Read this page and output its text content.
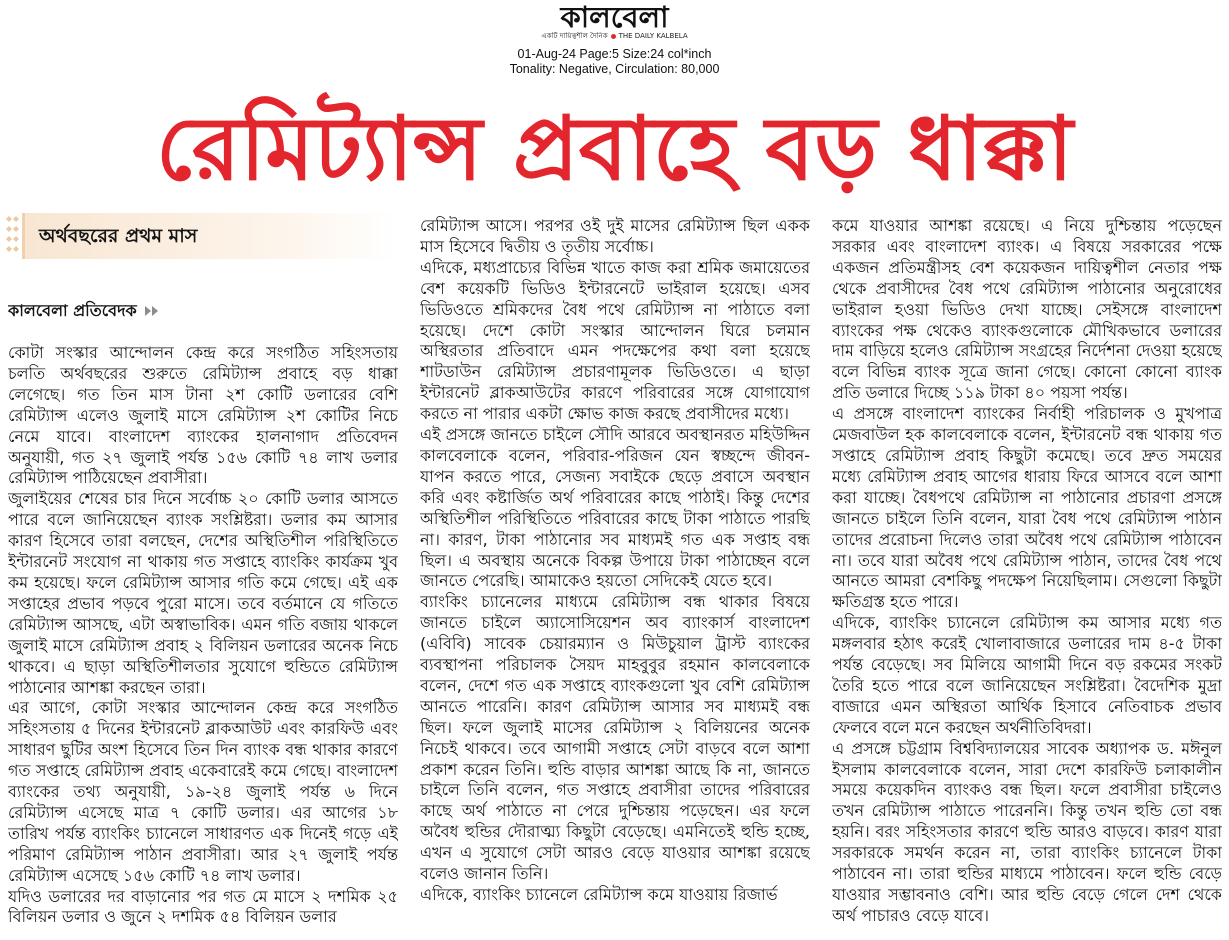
কালবেলা
একটি দায়িত্বশীল দৈনিক THE DAILY KALBELA
01-Aug-24 Page:5 Size:24 col*inch
Tonality: Negative, Circulation: 80,000
রেমিট্যান্স প্রবাহে বড় ধাক্কা
অর্থবছরের প্রথম মাস
কালবেলা প্রতিবেদক

কোটা সংস্কার আন্দোলন কেন্দ্র করে সংগঠিত সহিংসতায় চলতি অর্থবছরের শুরুতে রেমিট্যান্স প্রবাহে বড় ধাক্কা লেগেছে। গত তিন মাস টানা ২শ কোটি ডলারের বেশি রেমিট্যান্স এলেও জুলাই মাসে রেমিট্যান্স ২শ কোটির নিচে নেমে যাবে। বাংলাদেশ ব্যাংকের হালনাগাদ প্রতিবেদন অনুযায়ী, গত ২৭ জুলাই পর্যন্ত ১৫৬ কোটি ৭৪ লাখ ডলার রেমিট্যান্স পাঠিয়েছেন প্রবাসীরা।

জুলাইয়ের শেষের চার দিনে সর্বোচ্চ ২০ কোটি ডলার আসতে পারে বলে জানিয়েছেন ব্যাংক সংশ্লিষ্টরা। ডলার কম আসার কারণ হিসেবে তারা বলছেন, দেশের অস্থিতিশীল পরিস্থিতিতে ইন্টারনেট সংযোগ না থাকায় গত সপ্তাহে ব্যাংকিং কার্যক্রম খুব কম হয়েছে। ফলে রেমিট্যান্স আসার গতি কমে গেছে। এই এক সপ্তাহের প্রভাব পড়বে পুরো মাসে। তবে বর্তমানে যে গতিতে রেমিট্যান্স আসছে, এটা অস্বাভাবিক। এমন গতি বজায় থাকলে জুলাই মাসে রেমিট্যান্স প্রবাহ ২ বিলিয়ন ডলারের অনেক নিচে থাকবে। এ ছাড়া অস্থিতিশীলতার সুযোগে হুন্ডিতে রেমিট্যান্স পাঠানোর আশঙ্কা করছেন তারা।

এর আগে, কোটা সংস্কার আন্দোলন কেন্দ্র করে সংগঠিত সহিংসতায় ৫ দিনের ইন্টারনেট ব্লাকআউট এবং কারফিউ এবং সাধারণ ছুটির অংশ হিসেবে তিন দিন ব্যাংক বন্ধ থাকার কারণে গত সপ্তাহে রেমিট্যান্স প্রবাহ একেবারেই কমে গেছে। বাংলাদেশ ব্যাংকের তথ্য অনুযায়ী, ১৯-২৪ জুলাই পর্যন্ত ৬ দিনে রেমিট্যান্স এসেছে মাত্র ৭ কোটি ডলার। এর আগের ১৮ তারিখ পর্যন্ত ব্যাংকিং চ্যানেলে সাধারণত এক দিনেই গড়ে এই পরিমাণ রেমিট্যান্স পাঠান প্রবাসীরা। আর ২৭ জুলাই পর্যন্ত রেমিট্যান্স এসেছে ১৫৬ কোটি ৭৪ লাখ ডলার।

যদিও ডলারের দর বাড়ানোর পর গত মে মাসে ২ দশমিক ২৫ বিলিয়ন ডলার ও জুনে ২ দশমিক ৫৪ বিলিয়ন ডলার

রেমিট্যান্স আসে। পরপর ওই দুই মাসের রেমিট্যান্স ছিল একক মাস হিসেবে দ্বিতীয় ও তৃতীয় সর্বোচ্চ।

এদিকে, মধ্যপ্রাচ্যের বিভিন্ন খাতে কাজ করা শ্রমিক জমায়েতের বেশ কয়েকটি ভিডিও ইন্টারনেটে ভাইরাল হয়েছে। এসব ভিডিওতে শ্রমিকদের বৈধ পথে রেমিট্যান্স না পাঠাতে বলা হয়েছে। দেশে কোটা সংস্কার আন্দোলন ঘিরে চলমান অস্থিরতার প্রতিবাদে এমন পদক্ষেপের কথা বলা হয়েছে শাটডাউন রেমিট্যান্স প্রচারণামূলক ভিডিওতে। এ ছাড়া ইন্টারনেট ব্লাকআউটের কারণে পরিবারের সঙ্গে যোগাযোগ করতে না পারার একটা ক্ষোভ কাজ করছে প্রবাসীদের মধ্যে।

এই প্রসঙ্গে জানতে চাইলে সৌদি আরবে অবস্থানরত মহিউদ্দিন কালবেলাকে বলেন, পরিবার-পরিজন যেন স্বচ্ছন্দে জীবন-যাপন করতে পারে, সেজন্য সবাইকে ছেড়ে প্রবাসে অবস্থান করি এবং কষ্টার্জিত অর্থ পরিবারের কাছে পাঠাই। কিন্তু দেশের অস্থিতিশীল পরিস্থিতিতে পরিবারের কাছে টাকা পাঠাতে পারছি না। কারণ, টাকা পাঠানোর সব মাধ্যমই গত এক সপ্তাহ বন্ধ ছিল। এ অবস্থায় অনেকে বিকল্প উপায়ে টাকা পাঠাচ্ছেন বলে জানতে পেরেছি। আমাকেও হয়তো সেদিকেই যেতে হবে।

ব্যাংকিং চ্যানেলের মাধ্যমে রেমিট্যান্স বন্ধ থাকার বিষয়ে জানতে চাইলে অ্যাসোসিয়েশন অব ব্যাংকার্স বাংলাদেশ (এবিবি) সাবেক চেয়ারম্যান ও মিউচুয়াল ট্রাস্ট ব্যাংকের ব্যবস্থাপনা পরিচালক সৈয়দ মাহবুবুর রহমান কালবেলাকে বলেন, দেশে গত এক সপ্তাহে ব্যাংকগুলো খুব বেশি রেমিট্যান্স আনতে পারেনি। কারণ রেমিট্যান্স আসার সব মাধ্যমই বন্ধ ছিল। ফলে জুলাই মাসের রেমিট্যান্স ২ বিলিয়নের অনেক নিচেই থাকবে। তবে আগামী সপ্তাহে সেটা বাড়বে বলে আশা প্রকাশ করেন তিনি। হুন্ডি বাড়ার আশঙ্কা আছে কি না, জানতে চাইলে তিনি বলেন, গত সপ্তাহে প্রবাসীরা তাদের পরিবারের কাছে অর্থ পাঠাতে না পেরে দুশ্চিন্তায় পড়েছেন। এর ফলে অবৈধ হুন্ডির দৌরাত্ম্য কিছুটা বেড়েছে। এমনিতেই হুন্ডি হচ্ছে, এখন এ সুযোগে সেটা আরও বেড়ে যাওয়ার আশঙ্কা রয়েছে বলেও জানান তিনি।

এদিকে, ব্যাংকিং চ্যানেলে রেমিট্যান্স কমে যাওয়ায় রিজার্ভ

কমে যাওয়ার আশঙ্কা রয়েছে। এ নিয়ে দুশ্চিন্তায় পড়েছেন সরকার এবং বাংলাদেশ ব্যাংক। এ বিষয়ে সরকারের পক্ষে একজন প্রতিমন্ত্রীসহ বেশ কয়েকজন দায়িত্বশীল নেতার পক্ষ থেকে প্রবাসীদের বৈধ পথে রেমিট্যান্স পাঠানোর অনুরোধের ভাইরাল হওয়া ভিডিও দেখা যাচ্ছে। সেইসঙ্গে বাংলাদেশ ব্যাংকের পক্ষ থেকেও ব্যাংকগুলোকে মৌখিকভাবে ডলারের দাম বাড়িয়ে হলেও রেমিট্যান্স সংগ্রহের নির্দেশনা দেওয়া হয়েছে বলে বিভিন্ন ব্যাংক সূত্রে জানা গেছে। কোনো কোনো ব্যাংক প্রতি ডলারে দিচ্ছে ১১৯ টাকা ৪০ পয়সা পর্যন্ত।

এ প্রসঙ্গে বাংলাদেশ ব্যাংকের নির্বাহী পরিচালক ও মুখপাত্র মেজবাউল হক কালবেলাকে বলেন, ইন্টারনেট বন্ধ থাকায় গত সপ্তাহে রেমিট্যান্স প্রবাহ কিছুটা কমেছে। তবে দ্রুত সময়ের মধ্যে রেমিট্যান্স প্রবাহ আগের ধারায় ফিরে আসবে বলে আশা করা যাচ্ছে। বৈধপথে রেমিট্যান্স না পাঠানোর প্রচারণা প্রসঙ্গে জানতে চাইলে তিনি বলেন, যারা বৈধ পথে রেমিট্যান্স পাঠান তাদের প্ররোচনা দিলেও তারা অবৈধ পথে রেমিট্যান্স পাঠাবেন না। তবে যারা অবৈধ পথে রেমিট্যান্স পাঠান, তাদের বৈধ পথে আনতে আমরা বেশকিছু পদক্ষেপ নিয়েছিলাম। সেগুলো কিছুটা ক্ষতিগ্রস্ত হতে পারে।

এদিকে, ব্যাংকিং চ্যানেলে রেমিট্যান্স কম আসার মধ্যে গত মঙ্গলবার হঠাৎ করেই খোলাবাজারে ডলারের দাম ৪-৫ টাকা পর্যন্ত বেড়েছে। সব মিলিয়ে আগামী দিনে বড় রকমের সংকট তৈরি হতে পারে বলে জানিয়েছেন সংশ্লিষ্টরা। বৈদেশিক মুদ্রা বাজারে এমন অস্থিরতা আর্থিক হিসাবে নেতিবাচক প্রভাব ফেলবে বলে মনে করছেন অর্থনীতিবিদরা।

এ প্রসঙ্গে চট্টগ্রাম বিশ্ববিদ্যালয়ের সাবেক অধ্যাপক ড. মঈনুল ইসলাম কালবেলাকে বলেন, সারা দেশে কারফিউ চলাকালীন সময়ে কয়েকদিন ব্যাংকও বন্ধ ছিল। ফলে প্রবাসীরা চাইলেও তখন রেমিট্যান্স পাঠাতে পারেননি। কিন্তু তখন হুন্ডি তো বন্ধ হয়নি। বরং সহিংসতার কারণে হুন্ডি আরও বাড়বে। কারণ যারা সরকারকে সমর্থন করেন না, তারা ব্যাংকিং চ্যানেলে টাকা পাঠাবেন না। তারা হুন্ডির মাধ্যমে পাঠাবেন। ফলে হুন্ডি বেড়ে যাওয়ার সম্ভাবনাও বেশি। আর হুন্ডি বেড়ে গেলে দেশ থেকে অর্থ পাচারও বেড়ে যাবে।
